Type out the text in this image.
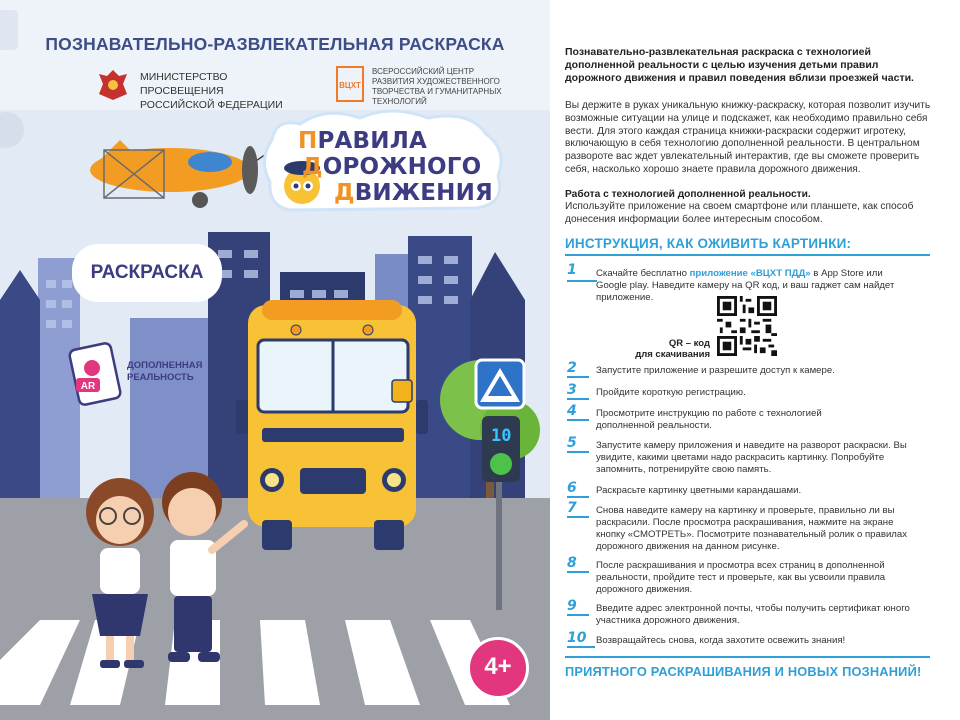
ПОЗНАВАТЕЛЬНО-РАЗВЛЕКАТЕЛЬНАЯ РАСКРАСКА
МИНИСТЕРСТВО ПРОСВЕЩЕНИЯ
РОССИЙСКОЙ ФЕДЕРАЦИИ
ВЦХТ
ВСЕРОССИЙСКИЙ ЦЕНТР
РАЗВИТИЯ ХУДОЖЕСТВЕННОГО
ТВОРЧЕСТВА И ГУМАНИТАРНЫХ
ТЕХНОЛОГИЙ
ПРАВИЛА
ДОРОЖНОГО
ДВИЖЕНИЯ
РАСКРАСКА
AR
ДОПОЛНЕННАЯ
РЕАЛЬНОСТЬ
10
4+
Познавательно-развлекательная раскраска с технологией дополненной реальности с целью изучения детьми правил дорожного движения и правил поведения вблизи проезжей части.
Вы держите в руках уникальную книжку-раскраску, которая позволит изучить возможные ситуации на улице и подскажет, как необходимо правильно себя вести. Для этого каждая страница книжки-раскраски содержит игротеку, включающую в себя технологию дополненной реальности. В центральном развороте вас ждет увлекательный интерактив, где вы сможете проверить себя, насколько хорошо знаете правила дорожного движения.
Работа с технологией дополненной реальности.
Используйте приложение на своем смартфоне или планшете, как способ донесения информации более интересным способом.
ИНСТРУКЦИЯ, КАК ОЖИВИТЬ КАРТИНКИ:
1 Скачайте бесплатно приложение «ВЦХТ ПДД» в App Store или Google play. Наведите камеру на QR код, и ваш гаджет сам найдет приложение.
QR – код
для скачивания
2 Запустите приложение и разрешите доступ к камере.
3 Пройдите короткую регистрацию.
4 Просмотрите инструкцию по работе с технологией дополненной реальности.
5 Запустите камеру приложения и наведите на разворот раскраски. Вы увидите, какими цветами надо раскрасить картинку. Попробуйте запомнить, потренируйте свою память.
6 Раскрасьте картинку цветными карандашами.
7 Снова наведите камеру на картинку и проверьте, правильно ли вы раскрасили. После просмотра раскрашивания, нажмите на экране кнопку «СМОТРЕТЬ». Посмотрите познавательный ролик о правилах дорожного движения на данном рисунке.
8 После раскрашивания и просмотра всех страниц в дополненной реальности, пройдите тест и проверьте, как вы усвоили правила дорожного движения.
9 Введите адрес электронной почты, чтобы получить сертификат юного участника дорожного движения.
10 Возвращайтесь снова, когда захотите освежить знания!
ПРИЯТНОГО РАСКРАШИВАНИЯ И НОВЫХ ПОЗНАНИЙ!
